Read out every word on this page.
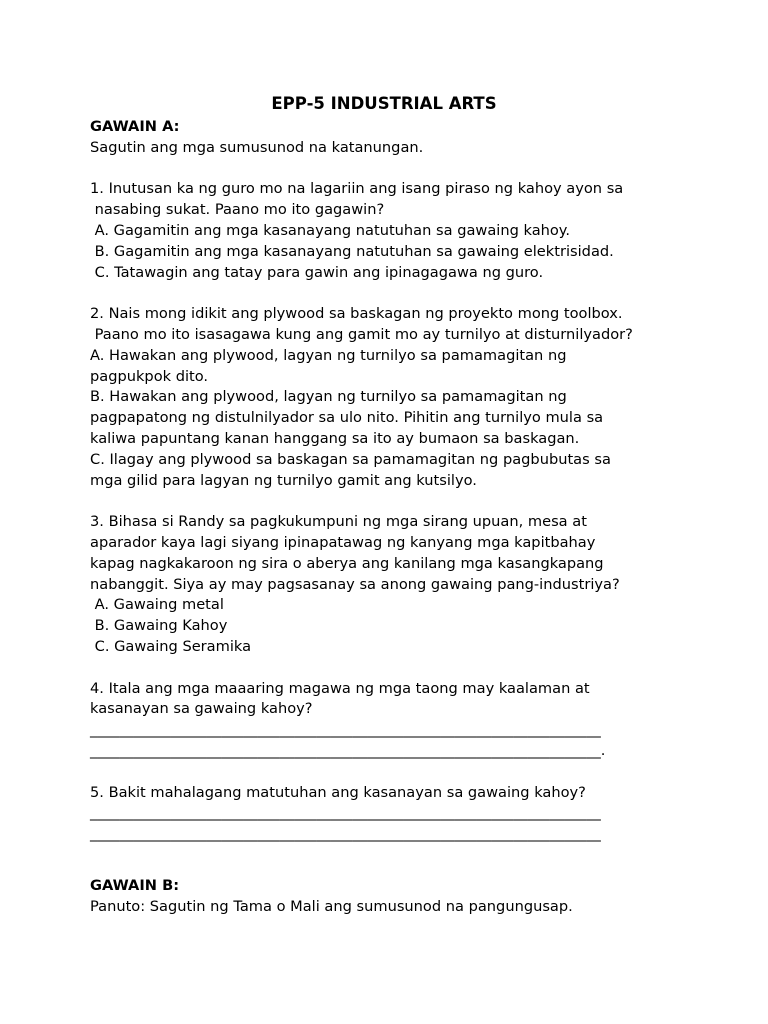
EPP-5 INDUSTRIAL ARTS
GAWAIN A:
Sagutin ang mga sumusunod na katanungan.
1. Inutusan ka ng guro mo na lagariin ang isang piraso ng kahoy ayon sa
nasabing sukat. Paano mo ito gagawin?
A. Gagamitin ang mga kasanayang natutuhan sa gawaing kahoy.
B. Gagamitin ang mga kasanayang natutuhan sa gawaing elektrisidad.
C. Tatawagin ang tatay para gawin ang ipinagagawa ng guro.
2. Nais mong idikit ang plywood sa baskagan ng proyekto mong toolbox.
Paano mo ito isasagawa kung ang gamit mo ay turnilyo at disturnilyador?
A. Hawakan ang plywood, lagyan ng turnilyo sa pamamagitan ng
pagpukpok dito.
B. Hawakan ang plywood, lagyan ng turnilyo sa pamamagitan ng
pagpapatong ng distulnilyador sa ulo nito. Pihitin ang turnilyo mula sa
kaliwa papuntang kanan hanggang sa ito ay bumaon sa baskagan.
C. Ilagay ang plywood sa baskagan sa pamamagitan ng pagbubutas sa
mga gilid para lagyan ng turnilyo gamit ang kutsilyo.
3. Bihasa si Randy sa pagkukumpuni ng mga sirang upuan, mesa at
aparador kaya lagi siyang ipinapatawag ng kanyang mga kapitbahay
kapag nagkakaroon ng sira o aberya ang kanilang mga kasangkapang
nabanggit. Siya ay may pagsasanay sa anong gawaing pang-industriya?
A. Gawaing metal
B. Gawaing Kahoy
C. Gawaing Seramika
4. Itala ang mga maaaring magawa ng mga taong may kaalaman at
kasanayan sa gawaing kahoy?
______________________________________________________________________
______________________________________________________________________.
5. Bakit mahalagang matutuhan ang kasanayan sa gawaing kahoy?
______________________________________________________________________
______________________________________________________________________
GAWAIN B:
Panuto: Sagutin ng Tama o Mali ang sumusunod na pangungusap.
